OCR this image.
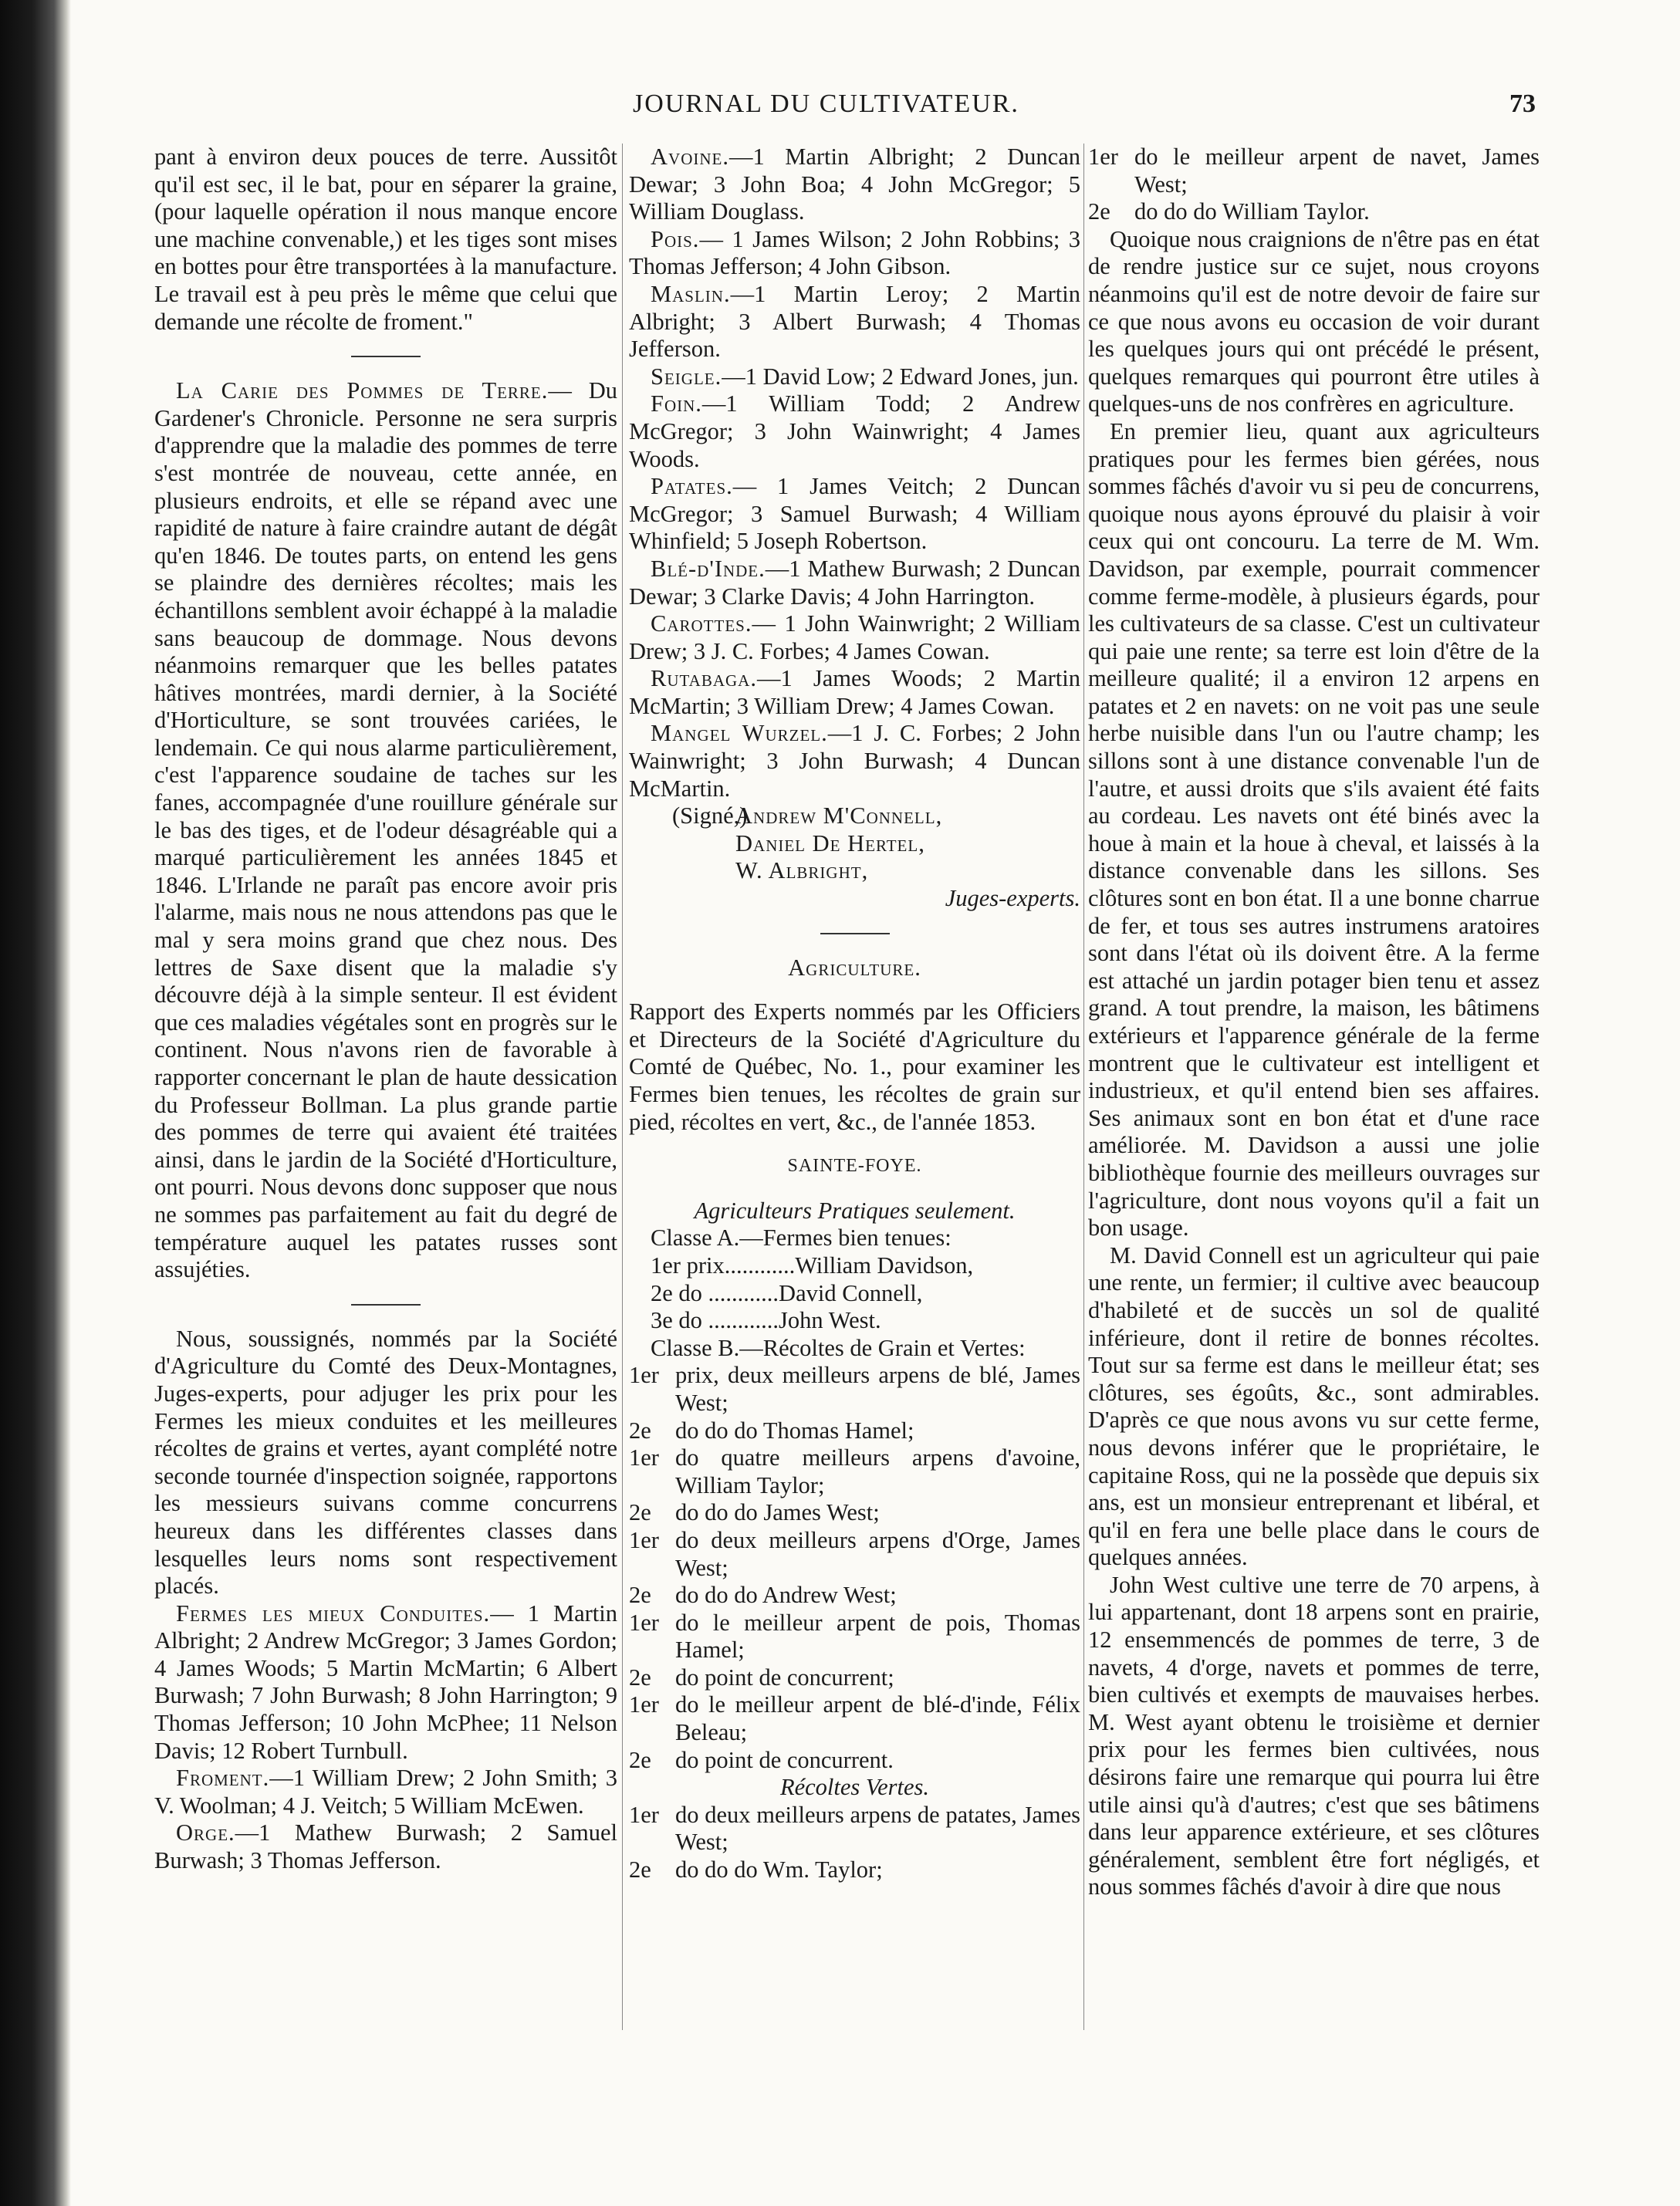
JOURNAL DU CULTIVATEUR.	73

pant à environ deux pouces de terre. Aussitôt qu'il est sec, il le bat, pour en séparer la graine, (pour laquelle opération il nous manque encore une machine convenable,) et les tiges sont mises en bottes pour être transportées à la manufacture. Le travail est à peu près le même que celui que demande une récolte de froment."

La Carie des Pommes de Terre.— Du Gardener's Chronicle. Personne ne sera surpris d'apprendre que la maladie des pommes de terre s'est montrée de nouveau, cette année, en plusieurs endroits, et elle se répand avec une rapidité de nature à faire craindre autant de dégât qu'en 1846. De toutes parts, on entend les gens se plaindre des dernières récoltes; mais les échantillons semblent avoir échappé à la maladie sans beaucoup de dommage. Nous devons néanmoins remarquer que les belles patates hâtives montrées, mardi dernier, à la Société d'Horticulture, se sont trouvées cariées, le lendemain. Ce qui nous alarme particulièrement, c'est l'apparence soudaine de taches sur les fanes, accompagnée d'une rouillure générale sur le bas des tiges, et de l'odeur désagréable qui a marqué particulièrement les années 1845 et 1846. L'Irlande ne paraît pas encore avoir pris l'alarme, mais nous ne nous attendons pas que le mal y sera moins grand que chez nous. Des lettres de Saxe disent que la maladie s'y découvre déjà à la simple senteur. Il est évident que ces maladies végétales sont en progrès sur le continent. Nous n'avons rien de favorable à rapporter concernant le plan de haute dessication du Professeur Bollman. La plus grande partie des pommes de terre qui avaient été traitées ainsi, dans le jardin de la Société d'Horticulture, ont pourri. Nous devons donc supposer que nous ne sommes pas parfaitement au fait du degré de température auquel les patates russes sont assujéties.

Nous, soussignés, nommés par la Société d'Agriculture du Comté des Deux-Montagnes, Juges-experts, pour adjuger les prix pour les Fermes les mieux conduites et les meilleures récoltes de grains et vertes, ayant complété notre seconde tournée d'inspection soignée, rapportons les messieurs suivans comme concurrens heureux dans les différentes classes dans lesquelles leurs noms sont respectivement placés.

Fermes les mieux Conduites.— 1 Martin Albright; 2 Andrew McGregor; 3 James Gordon; 4 James Woods; 5 Martin McMartin; 6 Albert Burwash; 7 John Burwash; 8 John Harrington; 9 Thomas Jefferson; 10 John McPhee; 11 Nelson Davis; 12 Robert Turnbull.

Froment.—1 William Drew; 2 John Smith; 3 V. Woolman; 4 J. Veitch; 5 William McEwen.

Orge.—1 Mathew Burwash; 2 Samuel Burwash; 3 Thomas Jefferson.

Avoine.—1 Martin Albright; 2 Duncan Dewar; 3 John Boa; 4 John McGregor; 5 William Douglass.

Pois.— 1 James Wilson; 2 John Robbins; 3 Thomas Jefferson; 4 John Gibson.

Maslin.—1 Martin Leroy; 2 Martin Albright; 3 Albert Burwash; 4 Thomas Jefferson.

Seigle.—1 David Low; 2 Edward Jones, jun.

Foin.—1 William Todd; 2 Andrew McGregor; 3 John Wainwright; 4 James Woods.

Patates.— 1 James Veitch; 2 Duncan McGregor; 3 Samuel Burwash; 4 William Whinfield; 5 Joseph Robertson.

Blé-d'Inde.—1 Mathew Burwash; 2 Duncan Dewar; 3 Clarke Davis; 4 John Harrington.

Carottes.— 1 John Wainwright; 2 William Drew; 3 J. C. Forbes; 4 James Cowan.

Rutabaga.—1 James Woods; 2 Martin McMartin; 3 William Drew; 4 James Cowan.

Mangel Wurzel.—1 J. C. Forbes; 2 John Wainwright; 3 John Burwash; 4 Duncan McMartin.

(Signé,)Andrew M'Connell,

Daniel De Hertel,

W. Albright,

Juges-experts.

Agriculture.

Rapport des Experts nommés par les Officiers et Directeurs de la Société d'Agriculture du Comté de Québec, No. 1., pour examiner les Fermes bien tenues, les récoltes de grain sur pied, récoltes en vert, &c., de l'année 1853.

SAINTE-FOYE.

Agriculteurs Pratiques seulement.

Classe A.—Fermes bien tenues:

1er prix............William Davidson,

2e do ............David Connell,

3e do ............John West.

Classe B.—Récoltes de Grain et Vertes:

1er prix, deux meilleurs arpens de blé, James West;
2e	do do do Thomas Hamel;
1er do quatre meilleurs arpens d'avoine, William Taylor;
2e	do do do James West;
1er do deux meilleurs arpens d'Orge, James West;
2e	do do do Andrew West;
1er do le meilleur arpent de pois, Thomas Hamel;
2e	do point de concurrent;
1er do le meilleur arpent de blé-d'inde, Félix Beleau;
2e	do point de concurrent.

Récoltes Vertes.

1er do deux meilleurs arpens de patates, James West;
2e	do do do Wm. Taylor;
1er do le meilleur arpent de navet, James West;
2e	do do do William Taylor.

Quoique nous craignions de n'être pas en état de rendre justice sur ce sujet, nous croyons néanmoins qu'il est de notre devoir de faire sur ce que nous avons eu occasion de voir durant les quelques jours qui ont précédé le présent, quelques remarques qui pourront être utiles à quelques-uns de nos confrères en agriculture.

En premier lieu, quant aux agriculteurs pratiques pour les fermes bien gérées, nous sommes fâchés d'avoir vu si peu de concurrens, quoique nous ayons éprouvé du plaisir à voir ceux qui ont concouru. La terre de M. Wm. Davidson, par exemple, pourrait commencer comme ferme-modèle, à plusieurs égards, pour les cultivateurs de sa classe. C'est un cultivateur qui paie une rente; sa terre est loin d'être de la meilleure qualité; il a environ 12 arpens en patates et 2 en navets: on ne voit pas une seule herbe nuisible dans l'un ou l'autre champ; les sillons sont à une distance convenable l'un de l'autre, et aussi droits que s'ils avaient été faits au cordeau. Les navets ont été binés avec la houe à main et la houe à cheval, et laissés à la distance convenable dans les sillons. Ses clôtures sont en bon état. Il a une bonne charrue de fer, et tous ses autres instrumens aratoires sont dans l'état où ils doivent être. A la ferme est attaché un jardin potager bien tenu et assez grand. A tout prendre, la maison, les bâtimens extérieurs et l'apparence générale de la ferme montrent que le cultivateur est intelligent et industrieux, et qu'il entend bien ses affaires. Ses animaux sont en bon état et d'une race améliorée. M. Davidson a aussi une jolie bibliothèque fournie des meilleurs ouvrages sur l'agriculture, dont nous voyons qu'il a fait un bon usage.

M. David Connell est un agriculteur qui paie une rente, un fermier; il cultive avec beaucoup d'habileté et de succès un sol de qualité inférieure, dont il retire de bonnes récoltes. Tout sur sa ferme est dans le meilleur état; ses clôtures, ses égoûts, &c., sont admirables. D'après ce que nous avons vu sur cette ferme, nous devons inférer que le propriétaire, le capitaine Ross, qui ne la possède que depuis six ans, est un monsieur entreprenant et libéral, et qu'il en fera une belle place dans le cours de quelques années.

John West cultive une terre de 70 arpens, à lui appartenant, dont 18 arpens sont en prairie, 12 ensemmencés de pommes de terre, 3 de navets, 4 d'orge, navets et pommes de terre, bien cultivés et exempts de mauvaises herbes. M. West ayant obtenu le troisième et dernier prix pour les fermes bien cultivées, nous désirons faire une remarque qui pourra lui être utile ainsi qu'à d'autres; c'est que ses bâtimens dans leur apparence extérieure, et ses clôtures généralement, semblent être fort négligés, et nous sommes fâchés d'avoir à dire que nous
